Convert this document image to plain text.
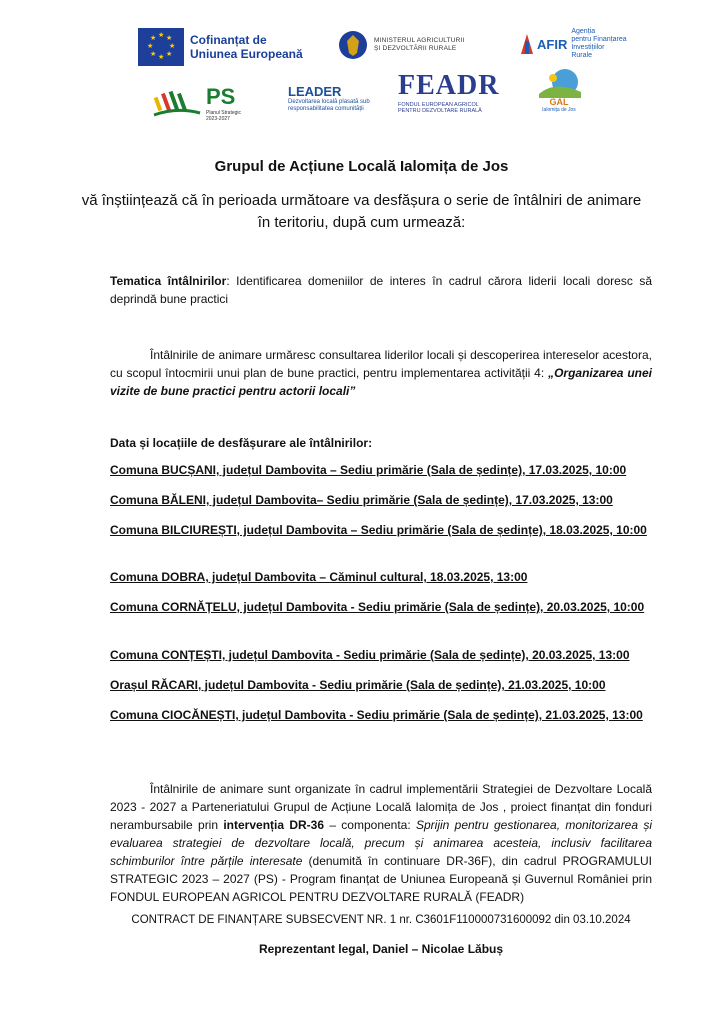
★ ★
★
★
★
★
★
★	Cofinanțat de
Uniunea Europeană
MINISTERUL AGRICULTURII
ȘI DEZVOLTĂRII RURALE	AFIR
Agenția
pentru Finanțarea
Investițiilor
Rurale
PS
Planul Strategic
2023-2027
LEADER
Dezvoltarea locală plasată sub
responsabilitatea comunității
FEADR
FONDUL EUROPEAN AGRICOL
PENTRU DEZVOLTARE RURALĂ
GAL
Ialomița de Jos
Grupul de Acțiune Locală Ialomița de Jos
vă înștiințează că în perioada următoare va desfășura o serie de întâlniri de animare în teritoriu, după cum urmează:
Tematica întâlnirilor: Identificarea domeniilor de interes în cadrul cărora liderii locali doresc să deprindă bune practici
Întâlnirile de animare urmăresc consultarea liderilor locali și descoperirea intereselor acestora, cu scopul întocmirii unui plan de bune practici, pentru implementarea activității 4: „Organizarea unei vizite de bune practici pentru actorii locali”
Data și locațiile de desfășurare ale întâlnirilor:
Comuna BUCȘANI, județul Dambovita – Sediu primărie (Sala de ședințe), 17.03.2025, 10:00
Comuna BĂLENI, județul Dambovita– Sediu primărie (Sala de ședințe), 17.03.2025, 13:00
Comuna BILCIUREȘTI, județul Dambovita – Sediu primărie (Sala de ședințe), 18.03.2025, 10:00
Comuna DOBRA, județul Dambovita – Căminul cultural, 18.03.2025, 13:00
Comuna CORNĂȚELU, județul Dambovita - Sediu primărie (Sala de ședințe), 20.03.2025, 10:00
Comuna CONȚEȘTI, județul Dambovita - Sediu primărie (Sala de ședințe), 20.03.2025, 13:00
Orașul RĂCARI, județul Dambovita - Sediu primărie (Sala de ședințe), 21.03.2025, 10:00
Comuna CIOCĂNEȘTI, județul Dambovita - Sediu primărie (Sala de ședințe), 21.03.2025, 13:00
Întâlnirile de animare sunt organizate în cadrul implementării Strategiei de Dezvoltare Locală 2023 - 2027 a Parteneriatului Grupul de Acțiune Locală Ialomița de Jos , proiect finanțat din fonduri nerambursabile prin intervenția DR-36 – componenta: Sprijin pentru gestionarea, monitorizarea și evaluarea strategiei de dezvoltare locală, precum și animarea acesteia, inclusiv facilitarea schimburilor între părțile interesate (denumită în continuare DR-36F), din cadrul PROGRAMULUI STRATEGIC 2023 – 2027 (PS) - Program finanțat de Uniunea Europeană și Guvernul României prin FONDUL EUROPEAN AGRICOL PENTRU DEZVOLTARE RURALĂ (FEADR)
CONTRACT DE FINANȚARE SUBSECVENT NR. 1 nr. C3601F110000731600092 din 03.10.2024
Reprezentant legal, Daniel – Nicolae Lăbuș
